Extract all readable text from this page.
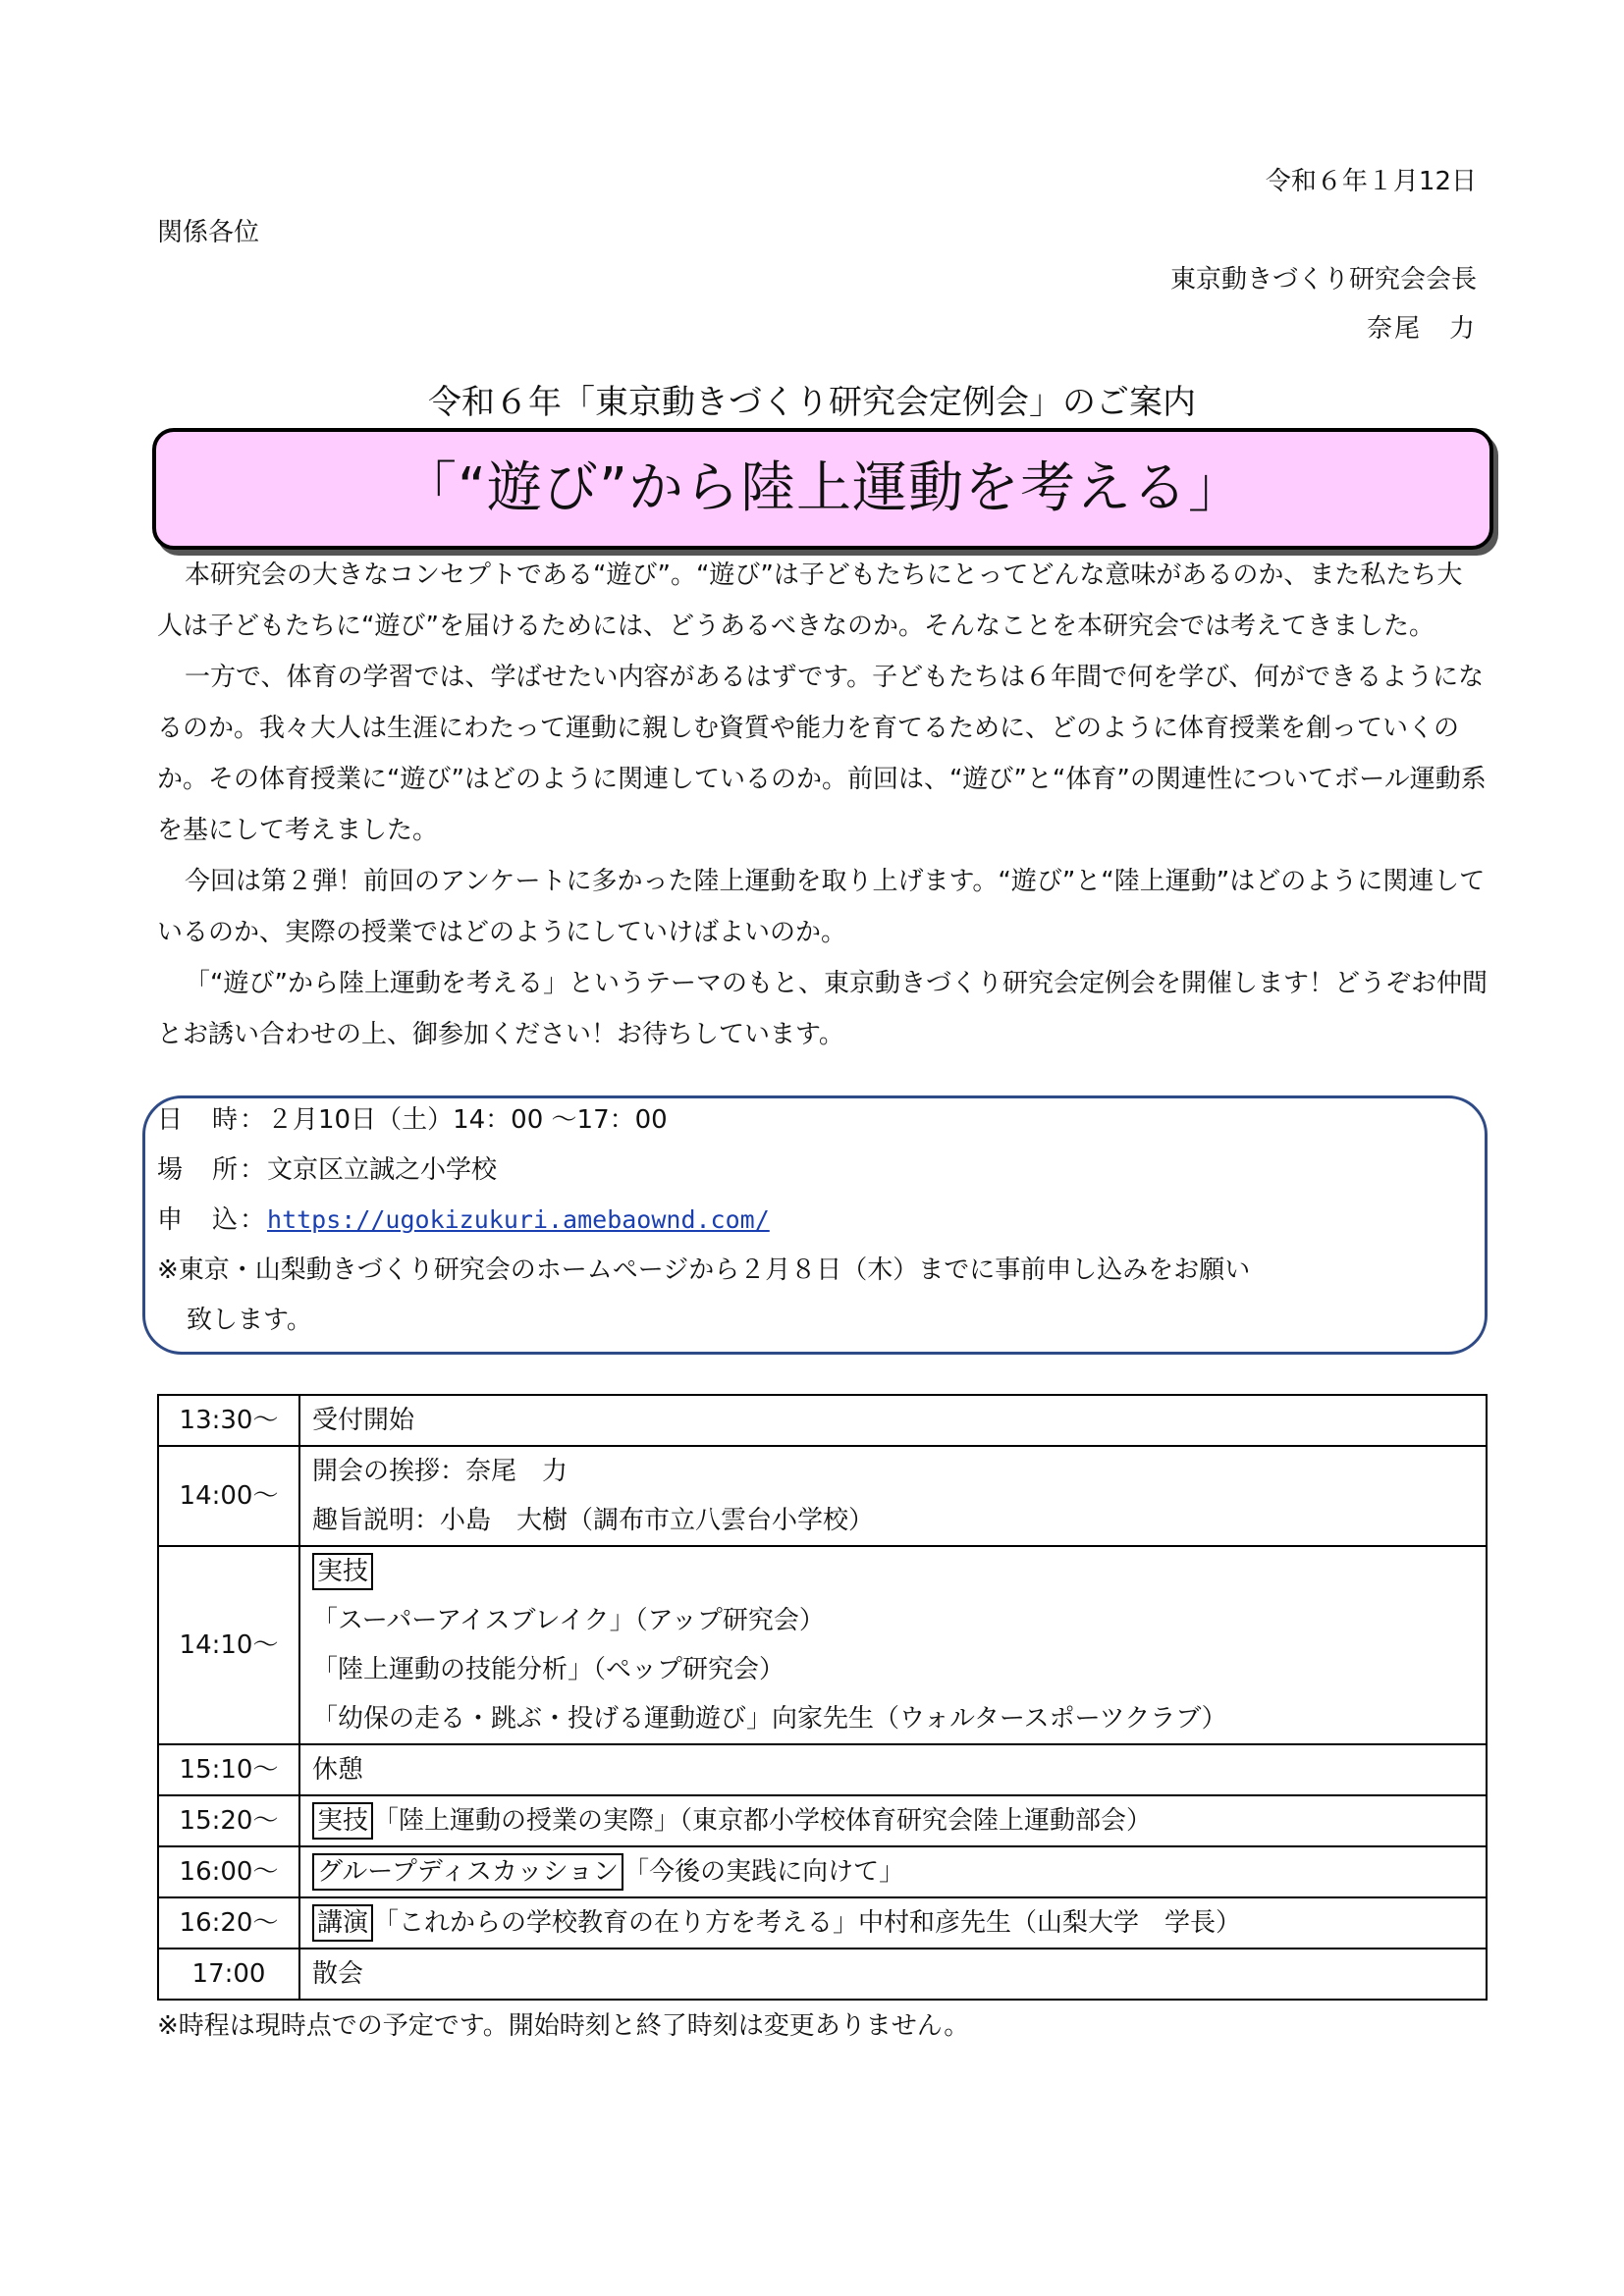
令和６年１月12日
関係各位
東京動きづくり研究会会長
奈尾　力
令和６年「東京動きづくり研究会定例会」のご案内
「“遊び”から陸上運動を考える」

本研究会の大きなコンセプトである“遊び”。“遊び”は子どもたちにとってどんな意味があるのか、また私たち大人は子どもたちに“遊び”を届けるためには、どうあるべきなのか。そんなことを本研究会では考えてきました。

一方で、体育の学習では、学ばせたい内容があるはずです。子どもたちは６年間で何を学び、何ができるようになるのか。我々大人は生涯にわたって運動に親しむ資質や能力を育てるために、どのように体育授業を創っていくのか。その体育授業に“遊び”はどのように関連しているのか。前回は、“遊び”と“体育”の関連性についてボール運動系を基にして考えました。

今回は第２弾！前回のアンケートに多かった陸上運動を取り上げます。“遊び”と“陸上運動”はどのように関連しているのか、実際の授業ではどのようにしていけばよいのか。

「“遊び”から陸上運動を考える」というテーマのもと、東京動きづくり研究会定例会を開催します！どうぞお仲間とお誘い合わせの上、御参加ください！お待ちしています。

日　時：２月10日（土）14：00 ～17：00
場　所：文京区立誠之小学校
申　込：https://ugokizukuri.amebaownd.com/
※東京・山梨動きづくり研究会のホームページから２月８日（木）までに事前申し込みをお願い
致します。
13:30～	受付開始
14:00～	開会の挨拶：奈尾　力
趣旨説明：小島　大樹（調布市立八雲台小学校）

14:10～	実技
「スーパーアイスブレイク」（アップ研究会）
「陸上運動の技能分析」（ペップ研究会）
「幼保の走る・跳ぶ・投げる運動遊び」向家先生（ウォルタースポーツクラブ）

15:10～	休憩
15:20～	実技 「陸上運動の授業の実際」（東京都小学校体育研究会陸上運動部会）
16:00～	グループディスカッション 「今後の実践に向けて」
16:20～	講演 「これからの学校教育の在り方を考える」中村和彦先生（山梨大学　学長）
17:00	散会
※時程は現時点での予定です。開始時刻と終了時刻は変更ありません。
